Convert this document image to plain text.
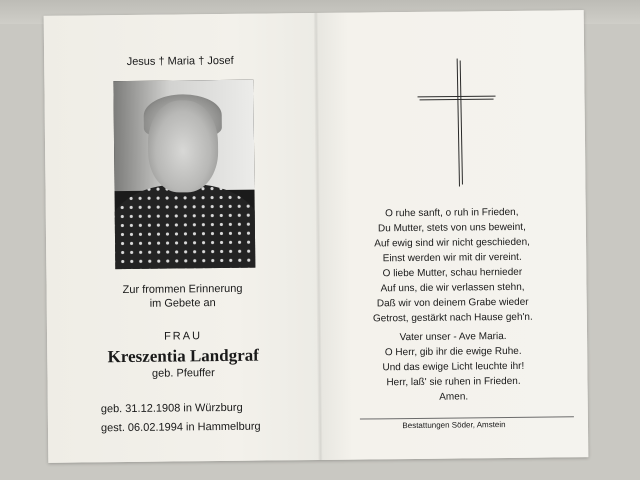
Jesus † Maria † Josef
Zur frommen Erinnerung
im Gebete an
FRAU
Kreszentia Landgraf
geb. Pfeuffer
geb. 31.12.1908 in Würzburg
gest. 06.02.1994 in Hammelburg
O ruhe sanft, o ruh in Frieden,
Du Mutter, stets von uns beweint,
Auf ewig sind wir nicht geschieden,
Einst werden wir mit dir vereint.
O liebe Mutter, schau hernieder
Auf uns, die wir verlassen stehn,
Daß wir von deinem Grabe wieder
Getrost, gestärkt nach Hause geh'n.
Vater unser - Ave Maria.
O Herr, gib ihr die ewige Ruhe.
Und das ewige Licht leuchte ihr!
Herr, laß' sie ruhen in Frieden.
Amen.
Bestattungen Söder, Amstein
